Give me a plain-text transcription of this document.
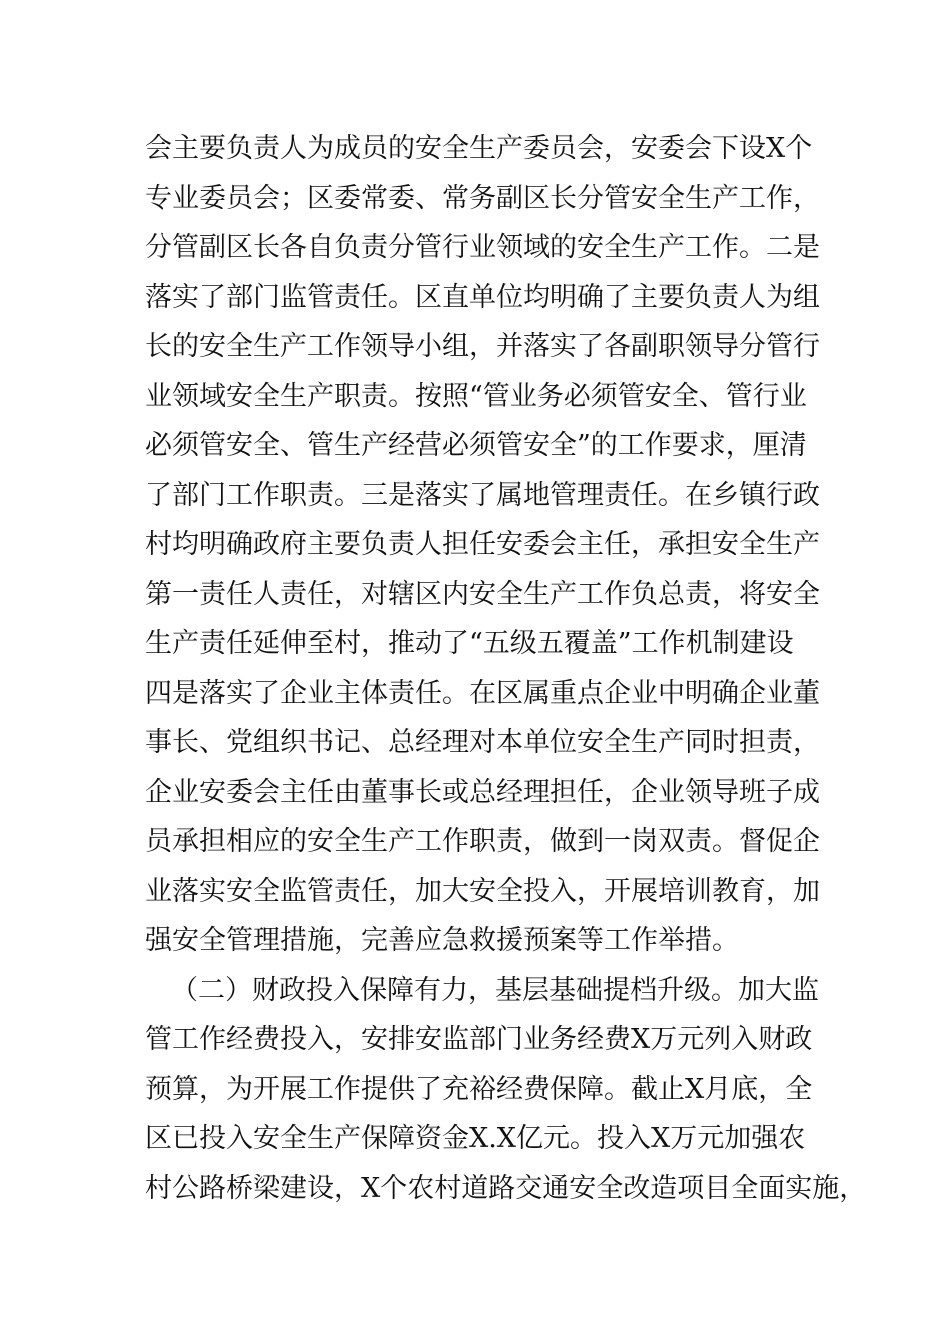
会主要负责人为成员的安全生产委员会，安委会下设X个
专业委员会；区委常委、常务副区长分管安全生产工作，
分管副区长各自负责分管行业领域的安全生产工作。二是
落实了部门监管责任。区直单位均明确了主要负责人为组
长的安全生产工作领导小组，并落实了各副职领导分管行
业领域安全生产职责。按照“管业务必须管安全、管行业
必须管安全、管生产经营必须管安全”的工作要求，厘清
了部门工作职责。三是落实了属地管理责任。在乡镇行政
村均明确政府主要负责人担任安委会主任，承担安全生产
第一责任人责任，对辖区内安全生产工作负总责，将安全
生产责任延伸至村，推动了“五级五覆盖”工作机制建设
四是落实了企业主体责任。在区属重点企业中明确企业董
事长、党组织书记、总经理对本单位安全生产同时担责，
企业安委会主任由董事长或总经理担任，企业领导班子成
员承担相应的安全生产工作职责，做到一岗双责。督促企
业落实安全监管责任，加大安全投入，开展培训教育，加
强安全管理措施，完善应急救援预案等工作举措。
（二）财政投入保障有力，基层基础提档升级。加大监
管工作经费投入，安排安监部门业务经费X万元列入财政
预算，为开展工作提供了充裕经费保障。截止X月底，全
区已投入安全生产保障资金X.X亿元。投入X万元加强农
村公路桥梁建设，X个农村道路交通安全改造项目全面实施，
